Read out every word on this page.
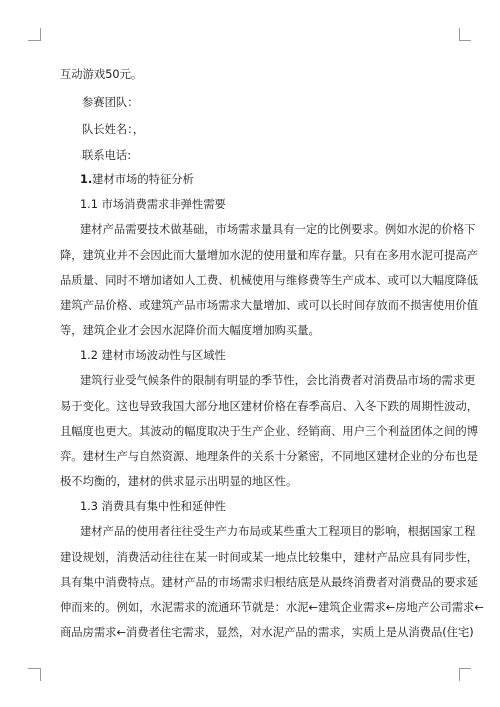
互动游戏50元。
参赛团队：
队长姓名：，
联系电话:
1.建材市场的特征分析
1.1 市场消费需求非弹性需要
建材产品需要技术做基础，市场需求量具有一定的比例要求。例如水泥的价格下
降，建筑业并不会因此而大量增加水泥的使用量和库存量。只有在多用水泥可提高产
品质量、同时不增加诸如人工费、机械使用与维修费等生产成本、或可以大幅度降低
建筑产品价格、或建筑产品市场需求大量增加、或可以长时间存放而不损害使用价值
等，建筑企业才会因水泥降价而大幅度增加购买量。
1.2 建材市场波动性与区域性
建筑行业受气候条件的限制有明显的季节性，会比消费者对消费品市场的需求更
易于变化。这也导致我国大部分地区建材价格在春季高启、入冬下跌的周期性波动，
且幅度也更大。其波动的幅度取决于生产企业、经销商、用户三个利益团体之间的博
弈。建材生产与自然资源、地理条件的关系十分紧密，不同地区建材企业的分布也是
极不均衡的，建材的供求显示出明显的地区性。
1.3 消费具有集中性和延伸性
建材产品的使用者往往受生产力布局或某些重大工程项目的影响，根据国家工程
建设规划，消费活动往往在某一时间或某一地点比较集中，建材产品应具有同步性，
具有集中消费特点。建材产品的市场需求归根结底是从最终消费者对消费品的要求延
伸而来的。例如，水泥需求的流通环节就是：水泥←建筑企业需求←房地产公司需求←
商品房需求←消费者住宅需求，显然，对水泥产品的需求，实质上是从消费品(住宅)
